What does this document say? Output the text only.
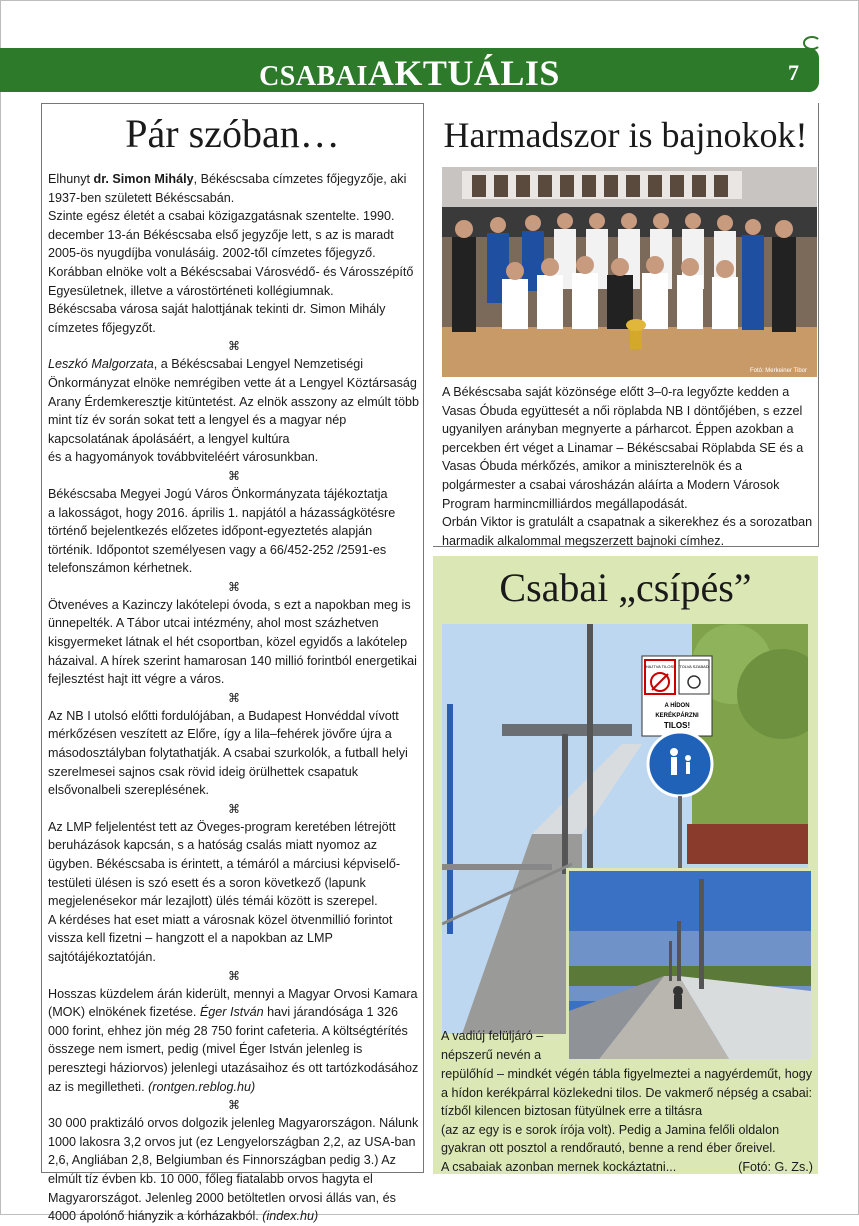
CSABAIAKTUÁLIS	7
Pár szóban…

Elhunyt dr. Simon Mihály, Békéscsaba címzetes főjegyzője, aki 1937-ben született Békéscsabán.
Szinte egész életét a csabai közigazgatásnak szentelte. 1990. december 13-án Békéscsaba első jegyzője lett, s az is maradt 2005-ös nyugdíjba vonulásáig. 2002-től címzetes főjegyző. Korábban elnöke volt a Békéscsabai Városvédő- és Városszépítő Egyesületnek, illetve a várostörténeti kollégiumnak.
Békéscsaba városa saját halottjának tekinti dr. Simon Mihály címzetes főjegyzőt.

⌘

Leszkó Malgorzata, a Békéscsabai Lengyel Nemzetiségi Önkormányzat elnöke nemrégiben vette át a Lengyel Köztársaság Arany Érdemkeresztje kitüntetést. Az elnök asszony az elmúlt több mint tíz év során sokat tett a lengyel és a magyar nép kapcsolatának ápolásáért, a lengyel kultúra
és a hagyományok továbbviteléért városunkban.

⌘

Békéscsaba Megyei Jogú Város Önkormányzata tájékoztatja
a lakosságot, hogy 2016. április 1. napjától a házasságkötésre történő bejelentkezés előzetes időpont-egyeztetés alapján történik. Időpontot személyesen vagy a 66/452-252 /2591-es telefonszámon kérhetnek.

⌘

Ötvenéves a Kazinczy lakótelepi óvoda, s ezt a napokban meg is ünnepelték. A Tábor utcai intézmény, ahol most százhetven kisgyermeket látnak el hét csoportban, közel egyidős a lakótelep házaival. A hírek szerint hamarosan 140 millió forintból energetikai fejlesztést hajt itt végre a város.

⌘

Az NB I utolsó előtti fordulójában, a Budapest Honvéddal vívott mérkőzésen veszített az Előre, így a lila–fehérek jövőre újra a másodosztályban folytathatják. A csabai szurkolók, a futball helyi szerelmesei sajnos csak rövid ideig örülhettek csapatuk elsővonalbeli szereplésének.

⌘

Az LMP feljelentést tett az Öveges-program keretében létrejött beruházások kapcsán, s a hatóság csalás miatt nyomoz az ügyben. Békéscsaba is érintett, a témáról a márciusi képviselő-testületi ülésen is szó esett és a soron következő (lapunk megjelenésekor már lezajlott) ülés témái között is szerepel.
A kérdéses hat eset miatt a városnak közel ötvenmillió forintot vissza kell fizetni – hangzott el a napokban az LMP sajtótájékoztatóján.

⌘

Hosszas küzdelem árán kiderült, mennyi a Magyar Orvosi Kamara (MOK) elnökének fizetése. Éger István havi járandósága 1 326 000 forint, ehhez jön még 28 750 forint cafeteria. A költségtérítés összege nem ismert, pedig (mivel Éger István jelenleg is peresztegi háziorvos) jelenlegi utazásaihoz és ott tartózkodásához az is megilletheti. (rontgen.reblog.hu)

⌘

30 000 praktizáló orvos dolgozik jelenleg Magyarországon. Nálunk 1000 lakosra 3,2 orvos jut (ez Lengyelországban 2,2, az USA-ban 2,6, Angliában 2,8, Belgiumban és Finnországban pedig 3.) Az elmúlt tíz évben kb. 10 000, főleg fiatalabb orvos hagyta el Magyarországot. Jelenleg 2000 betöltetlen orvosi állás van, és 4000 ápolónő hiányzik a kórházakból. (index.hu)

Harmadszor is bajnokok!
Fotó: Merkeiner Tibor

A Békéscsaba saját közönsége előtt 3–0-ra legyőzte kedden a Vasas Óbuda együttesét a női röplabda NB I döntőjében, s ezzel ugyanilyen arányban megnyerte a párharcot. Éppen azokban a percekben ért véget a Linamar – Békéscsabai Röplabda SE és a Vasas Óbuda mérkőzés, amikor a miniszterelnök és a polgármester a csabai városházán aláírta a Modern Városok Program harmincmilliárdos megállapodását.
Orbán Viktor is gratulált a csapatnak a sikerekhez és a sorozatban harmadik alkalommal megszerzett bajnoki címhez.

Csabai „csípés”
HAJTVA TILOS! TOLVA SZABAD
A HÍDON
KERÉKPÁRZNI
TILOS!
A vadiúj felüljáró – népszerű nevén a

repülőhíd – mindkét végén tábla figyelmeztei a nagyérdeműt, hogy a hídon kerékpárral közlekedni tilos. De vakmerő népség a csabai: tízből kilencen biztosan fütyülnek erre a tiltásra
(az az egy is e sorok írója volt). Pedig a Jamina felőli oldalon gyakran ott posztol a rendőrautó, benne a rend éber őreivel.
A csabaiak azonban mernek kockáztatni...	(Fotó: G. Zs.)
